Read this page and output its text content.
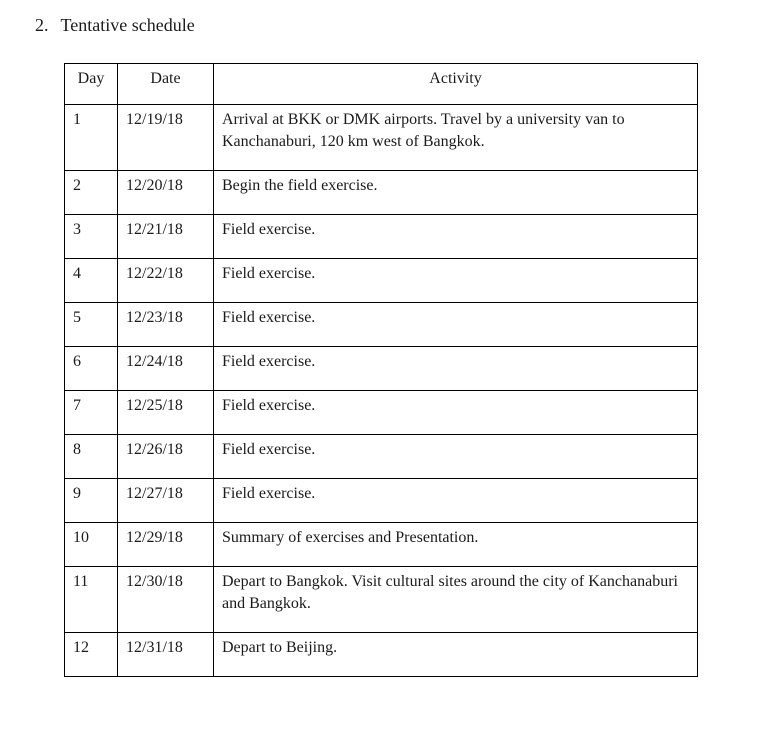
2. Tentative schedule
Day	Date	Activity
1	12/19/18	Arrival at BKK or DMK airports. Travel by a university van to Kanchanaburi, 120 km west of Bangkok.
2	12/20/18	Begin the field exercise.
3	12/21/18	Field exercise.
4	12/22/18	Field exercise.
5	12/23/18	Field exercise.
6	12/24/18	Field exercise.
7	12/25/18	Field exercise.
8	12/26/18	Field exercise.
9	12/27/18	Field exercise.
10	12/29/18	Summary of exercises and Presentation.
11	12/30/18	Depart to Bangkok. Visit cultural sites around the city of Kanchanaburi and Bangkok.
12	12/31/18	Depart to Beijing.
